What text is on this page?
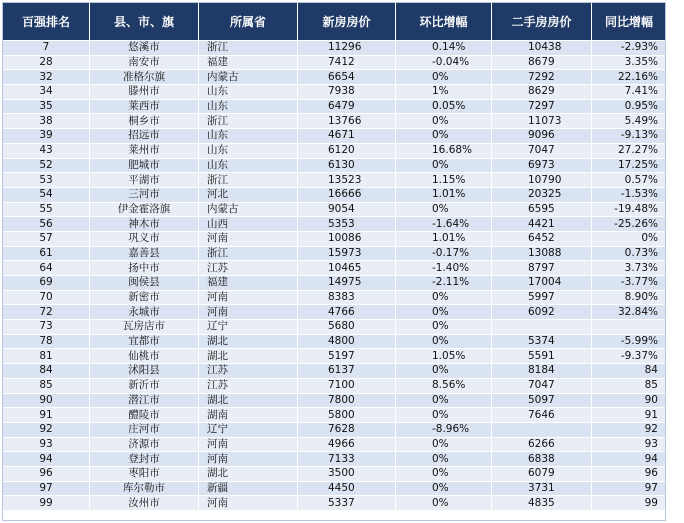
百强排名	县、市、旗	所属省	新房房价	环比增幅	二手房房价	同比增幅
7	悠溪市	浙江	11296	0.14%	10438	-2.93%
28	南安市	福建	7412	-0.04%	8679	3.35%
32	准格尔旗	内蒙古	6654	0%	7292	22.16%
34	滕州市	山东	7938	1%	8629	7.41%
35	莱西市	山东	6479	0.05%	7297	0.95%
38	桐乡市	浙江	13766	0%	11073	5.49%
39	招远市	山东	4671	0%	9096	-9.13%
43	莱州市	山东	6120	16.68%	7047	27.27%
52	肥城市	山东	6130	0%	6973	17.25%
53	平湖市	浙江	13523	1.15%	10790	0.57%
54	三河市	河北	16666	1.01%	20325	-1.53%
55	伊金霍洛旗	内蒙古	9054	0%	6595	-19.48%
56	神木市	山西	5353	-1.64%	4421	-25.26%
57	巩义市	河南	10086	1.01%	6452	0%
61	嘉善县	浙江	15973	-0.17%	13088	0.73%
64	扬中市	江苏	10465	-1.40%	8797	3.73%
69	闽侯县	福建	14975	-2.11%	17004	-3.77%
70	新密市	河南	8383	0%	5997	8.90%
72	永城市	河南	4766	0%	6092	32.84%
73	瓦房店市	辽宁	5680	0%		
78	宜都市	湖北	4800	0%	5374	-5.99%
81	仙桃市	湖北	5197	1.05%	5591	-9.37%
84	沭阳县	江苏	6137	0%	8184	84
85	新沂市	江苏	7100	8.56%	7047	85
90	潜江市	湖北	7800	0%	5097	90
91	醴陵市	湖南	5800	0%	7646	91
92	庄河市	辽宁	7628	-8.96%		92
93	济源市	河南	4966	0%	6266	93
94	登封市	河南	7133	0%	6838	94
96	枣阳市	湖北	3500	0%	6079	96
97	库尔勒市	新疆	4450	0%	3731	97
99	汝州市	河南	5337	0%	4835	99
